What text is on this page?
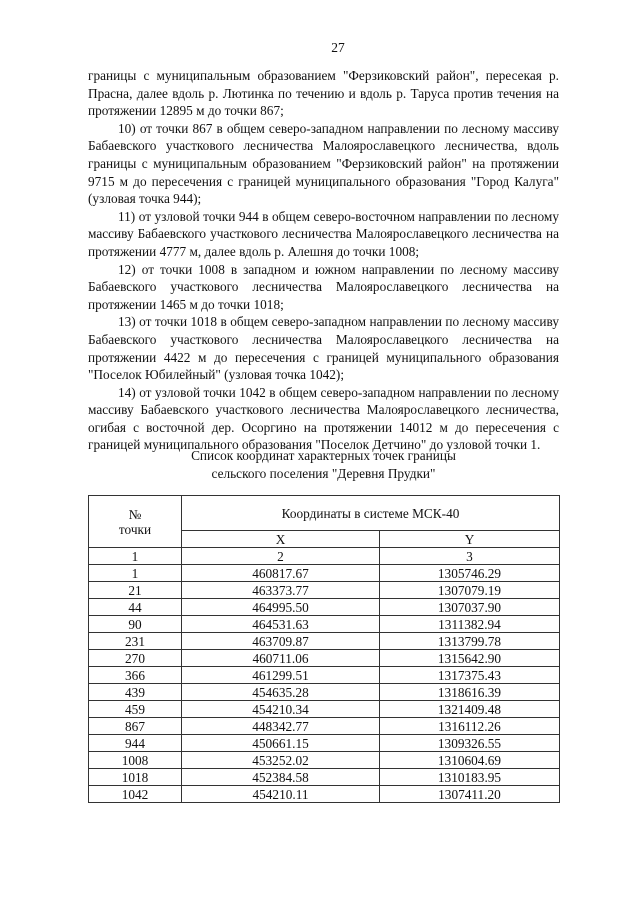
27

границы с муниципальным образованием "Ферзиковский район", пересекая р. Прасна, далее вдоль р. Лютинка по течению и вдоль р. Таруса против течения на протяжении 12895 м до точки 867;

10) от точки 867 в общем северо-западном направлении по лесному массиву Бабаевского участкового лесничества Малоярославецкого лесничества, вдоль границы с муниципальным образованием "Ферзиковский район" на протяжении 9715 м до пересечения с границей муниципального образования "Город Калуга" (узловая точка 944);

11) от узловой точки 944 в общем северо-восточном направлении по лесному массиву Бабаевского участкового лесничества Малоярославецкого лесничества на протяжении 4777 м, далее вдоль р. Алешня до точки 1008;

12) от точки 1008 в западном и южном направлении по лесному массиву Бабаевского участкового лесничества Малоярославецкого лесничества на протяжении 1465 м до точки 1018;

13) от точки 1018 в общем северо-западном направлении по лесному массиву Бабаевского участкового лесничества Малоярославецкого лесничества на протяжении 4422 м до пересечения с границей муниципального образования "Поселок Юбилейный" (узловая точка 1042);

14) от узловой точки 1042 в общем северо-западном направлении по лесному массиву Бабаевского участкового лесничества Малоярославецкого лесничества, огибая с восточной дер. Осоргино на протяжении 14012 м до пересечения с границей муниципального образования "Поселок Детчино" до узловой точки 1.

Список координат характерных точек границы
сельского поселения "Деревня Прудки"
№
точки	Координаты в системе МСК-40	
	X	Y
1	2	3
1	460817.67	1305746.29
21	463373.77	1307079.19
44	464995.50	1307037.90
90	464531.63	1311382.94
231	463709.87	1313799.78
270	460711.06	1315642.90
366	461299.51	1317375.43
439	454635.28	1318616.39
459	454210.34	1321409.48
867	448342.77	1316112.26
944	450661.15	1309326.55
1008	453252.02	1310604.69
1018	452384.58	1310183.95
1042	454210.11	1307411.20
